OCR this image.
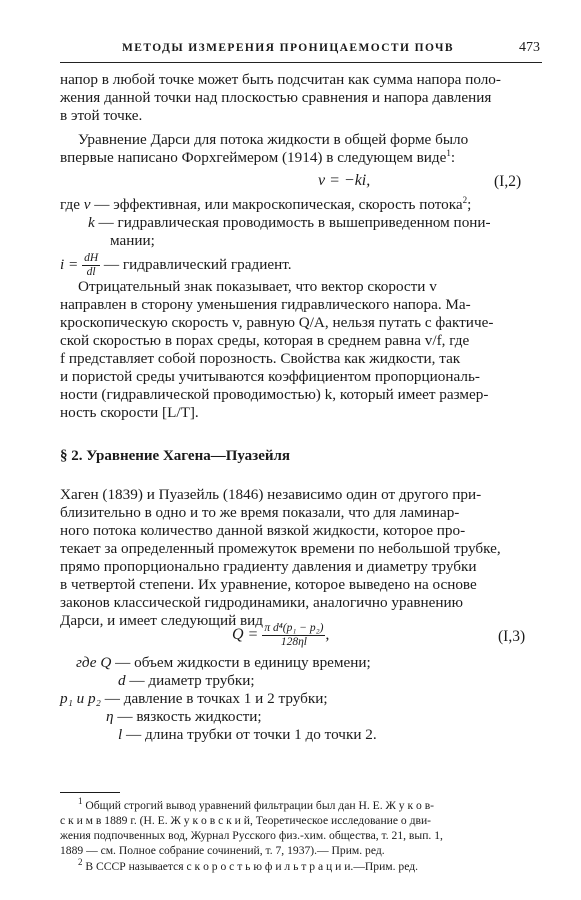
МЕТОДЫ ИЗМЕРЕНИЯ ПРОНИЦАЕМОСТИ ПОЧВ	473
напор в любой точке может быть подсчитан как сумма напора поло-
жения данной точки над плоскостью сравнения и напора давления
в этой точке.
Уравнение Дарси для потока жидкости в общей форме было
впервые написано Форхгеймером (1914) в следующем виде$^1$:
v = −ki,	(I,2)
где v — эффективная, или макроскопическая, скорость потока$^2$;
k — гидравлическая проводимость в вышеприведенном пони-
мании;
$i = \frac{dH}{dl}$ — гидравлический градиент.
Отрицательный знак показывает, что вектор скорости v
направлен в сторону уменьшения гидравлического напора. Ма-
кроскопическую скорость v, равную Q/A, нельзя путать с фактиче-
ской скоростью в порах среды, которая в среднем равна v/f, где
f представляет собой порозность. Свойства как жидкости, так
и пористой среды учитываются коэффициентом пропорциональ-
ности (гидравлической проводимостью) k, который имеет размер-
ность скорости [L/T].
§ 2. Уравнение Хагена—Пуазейля
Хаген (1839) и Пуазейль (1846) независимо один от другого при-
близительно в одно и то же время показали, что для ламинар-
ного потока количество данной вязкой жидкости, которое про-
текает за определенный промежуток времени по небольшой трубке,
прямо пропорционально градиенту давления и диаметру трубки
в четвертой степени. Их уравнение, которое выведено на основе
законов классической гидродинамики, аналогично уравнению
Дарси, и имеет следующий вид
$Q = \frac{\text{π d⁴(p₁ − p₂)}}{128\eta l}$ ,	(I,3)
где Q — объем жидкости в единицу времени;
d — диаметр трубки;
p₁ и p₂ — давление в точках 1 и 2 трубки;
η — вязкость жидкости;
l — длина трубки от точки 1 до точки 2.
$^1$ Общий строгий вывод уравнений фильтрации был дан Н. Е. Ж у к о в-
с к и м в 1889 г. (Н. Е. Ж у к о в с к и й, Теоретическое исследование о дви-
жения подпочвенных вод, Журнал Русского физ.-хим. общества, т. 21, вып. 1,
1889 — см. Полное собрание сочинений, т. 7, 1937).— Прим. ред.
$^2$ В СССР называется с к о р о с т ь ю ф и л ь т р а ц и и.—Прим. ред.
